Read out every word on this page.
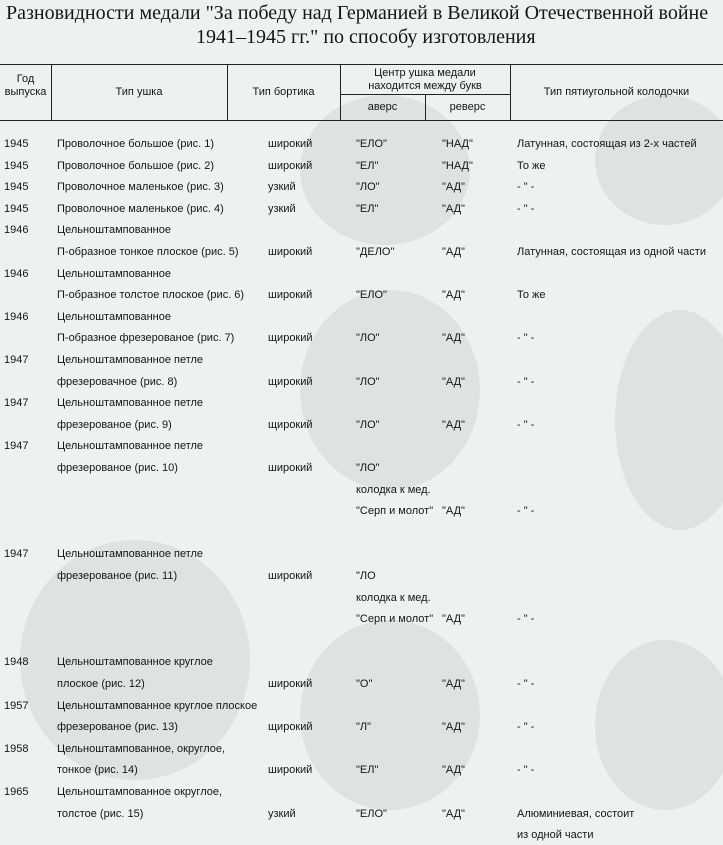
Разновидности медали "За победу над Германией в Великой Отечественной войне
1941–1945 гг." по способу изготовления
Год
выпуска	Тип ушка	Тип бортика
Центр ушка медали
находится между букв
аверс	реверс
Тип пятиугольной колодочки
1945	Проволочное большое (рис. 1)	широкий	"ЕЛО"	"НАД"	Латунная, состоящая из 2-х частей
1945	Проволочное большое (рис. 2)	широкий	"ЕЛ"	"НАД"	То же
1945	Проволочное маленькое (рис. 3)	узкий	"ЛО"	"АД"	- " -
1945	Проволочное маленькое (рис. 4)	узкий	"ЕЛ"	"АД"	- " -
1946	Цельноштампованное
П-образное тонкое плоское (рис. 5)	широкий	"ДЕЛО"	"АД"	Латунная, состоящая из одной части
1946	Цельноштампованное
П-образное толстое плоское (рис. 6) широкий	"ЕЛО"	"АД"	То же
1946	Цельноштампованное
П-образное фрезерованое (рис. 7)	щирокий	"ЛО"	"АД"	- " -
1947	Цельноштампованное петле
фрезеровачное (рис. 8)	щирокий	"ЛО"	"АД"	- " -
1947	Цельноштампованное петле
фрезерованое (рис. 9)	щирокий	"ЛО"	"АД"	- " -
1947	Цельноштампованное петле
фрезерованое (рис. 10)	широкий	"ЛО"
колодка к мед.
"Серп и молот" "АД"	- " -
1947	Цельноштампованное петле
фрезерованое (рис. 11)	широкий	"ЛО
колодка к мед.
"Серп и молот" "АД"	- " -
1948	Цельноштампованное круглое
плоское (рис. 12)	широкий	"О"	"АД"	- " -
1957	Цельноштампованное круглое плоское
фрезерованое (рис. 13)	щирокий	"Л"	"АД"	- " -
1958	Цельноштампованное, округлое,
тонкое (рис. 14)	широкий	"ЕЛ"	"АД"	- " -
1965	Цельноштампованное округлое,
толстое (рис. 15)	узкий	"ЕЛО"	"АД"	Алюминиевая, состоит
из одной части
